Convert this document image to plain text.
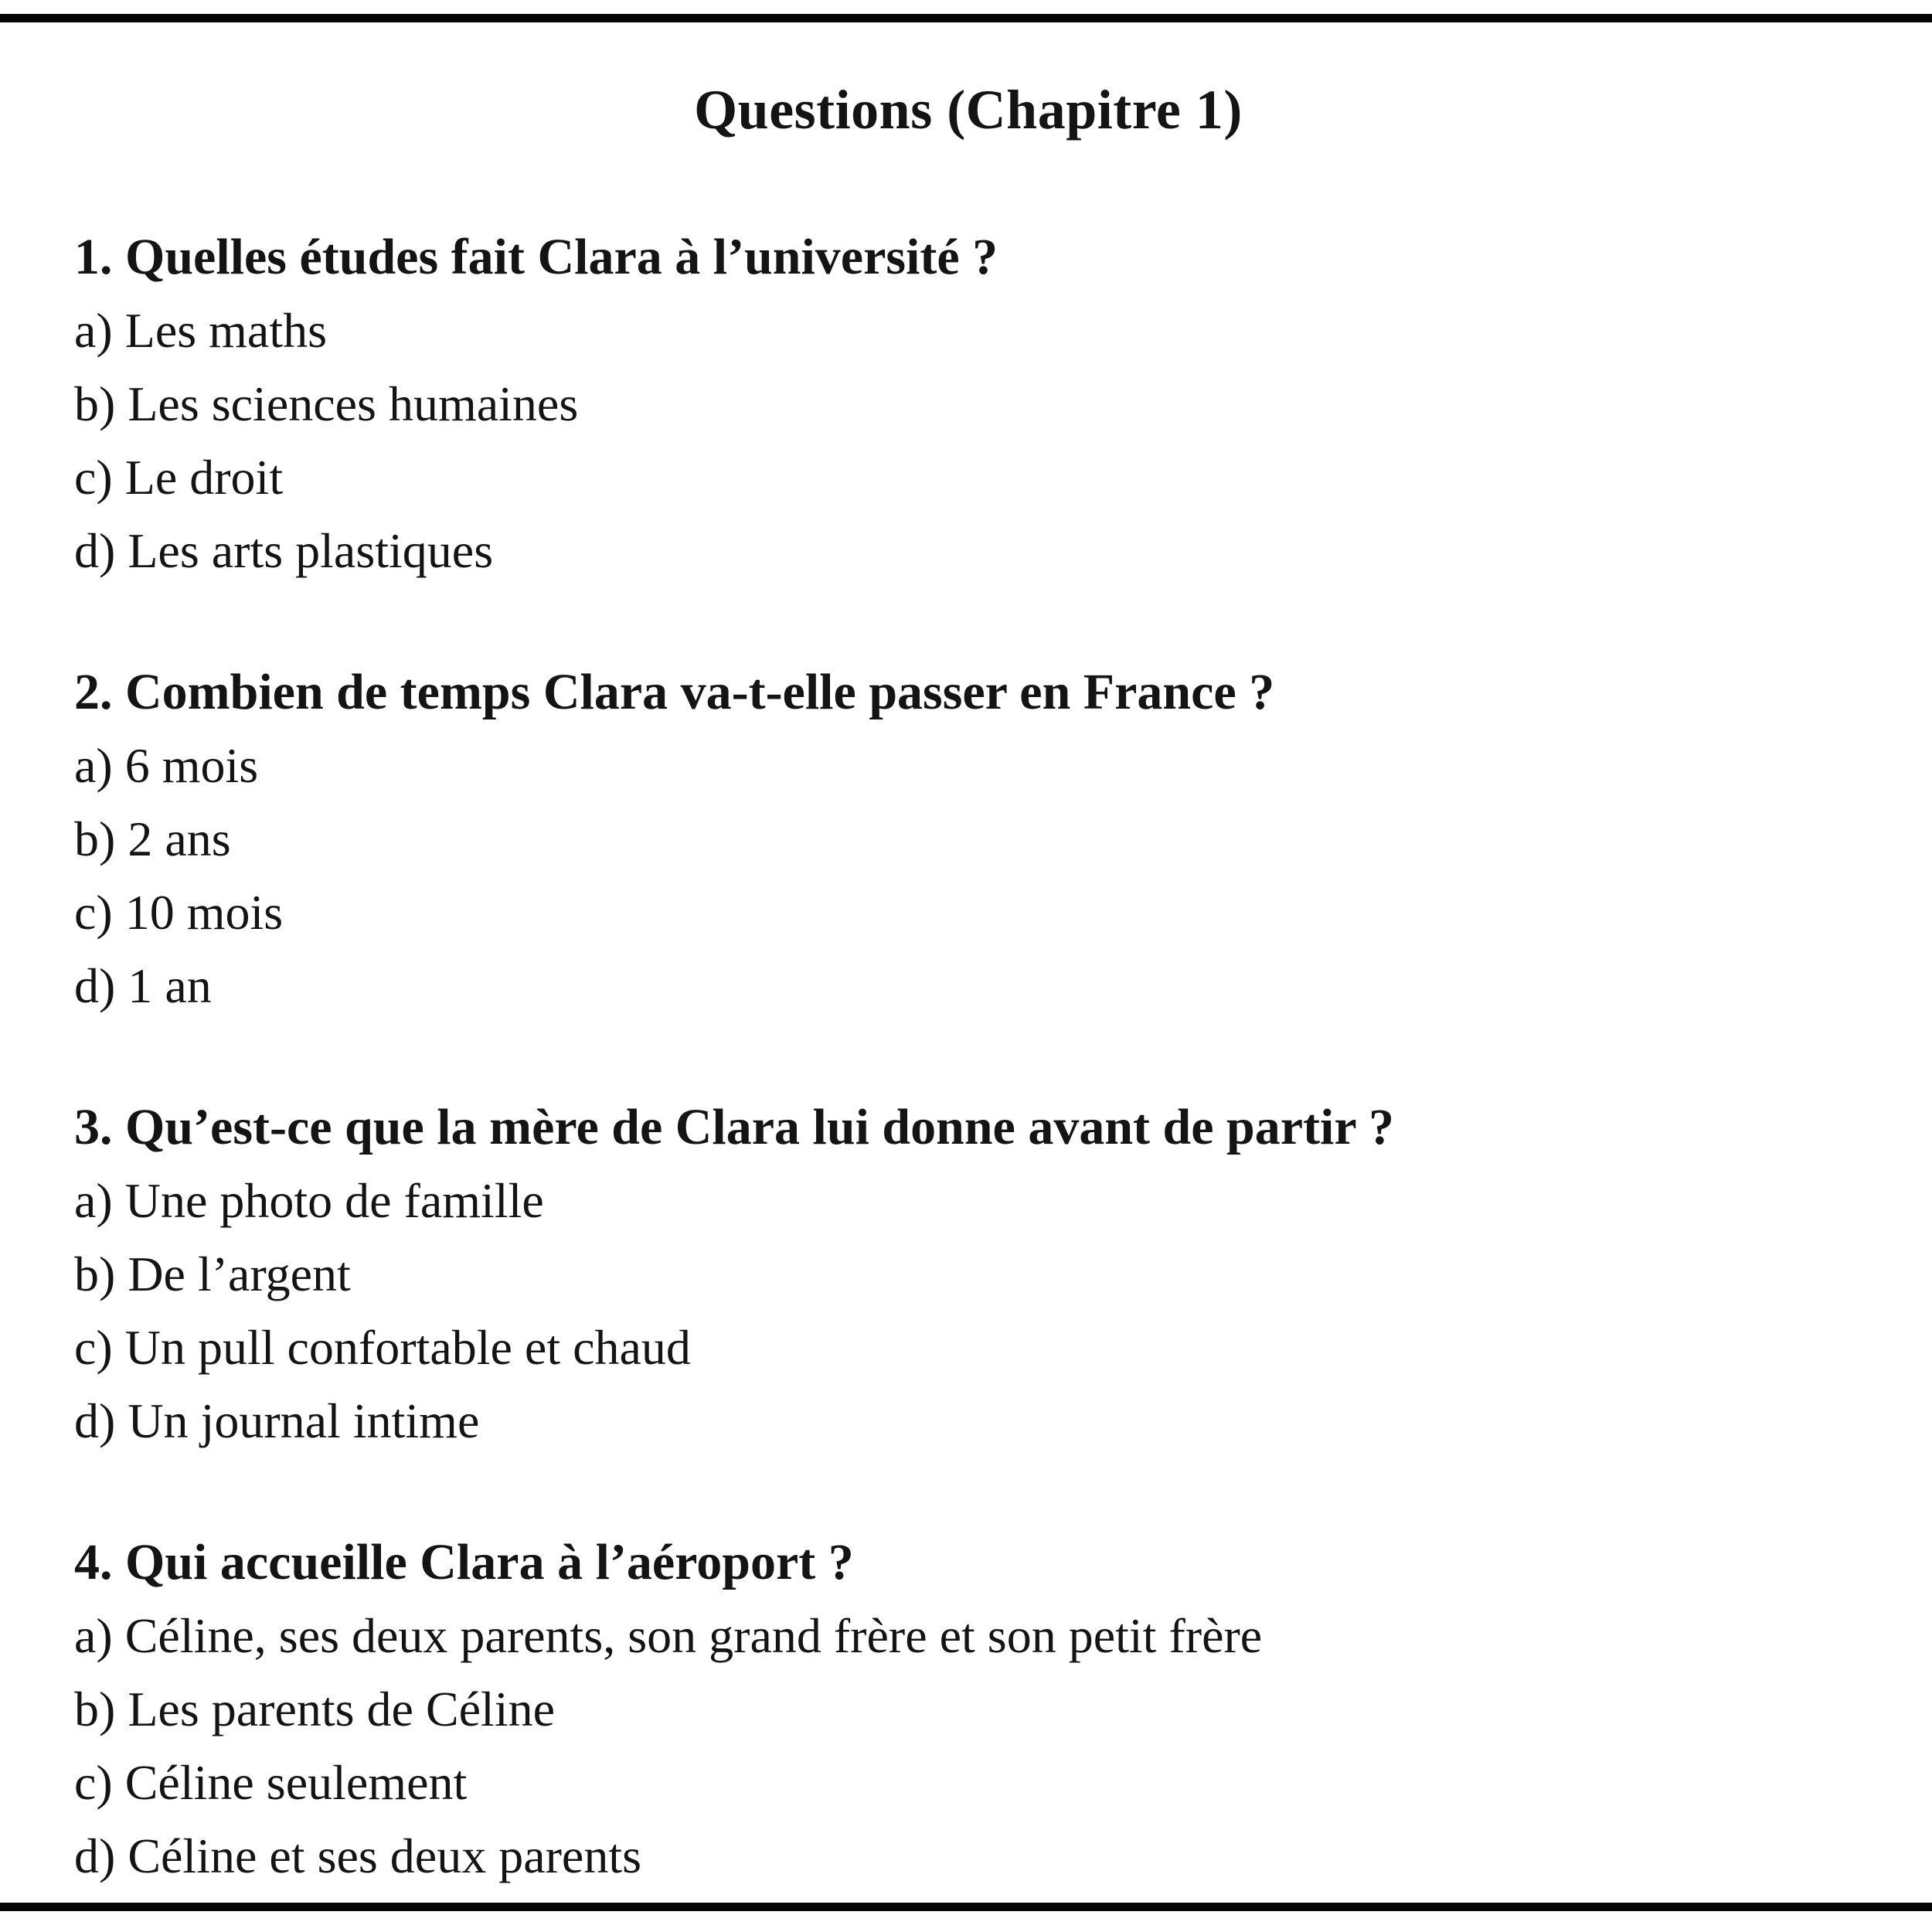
Questions (Chapitre 1)

1. Quelles études fait Clara à l’université ?

a) Les maths

b) Les sciences humaines

c) Le droit

d) Les arts plastiques

2. Combien de temps Clara va-t-elle passer en France ?

a) 6 mois

b) 2 ans

c) 10 mois

d) 1 an

3. Qu’est-ce que la mère de Clara lui donne avant de partir ?

a) Une photo de famille

b) De l’argent

c) Un pull confortable et chaud

d) Un journal intime

4. Qui accueille Clara à l’aéroport ?

a) Céline, ses deux parents, son grand frère et son petit frère

b) Les parents de Céline

c) Céline seulement

d) Céline et ses deux parents
